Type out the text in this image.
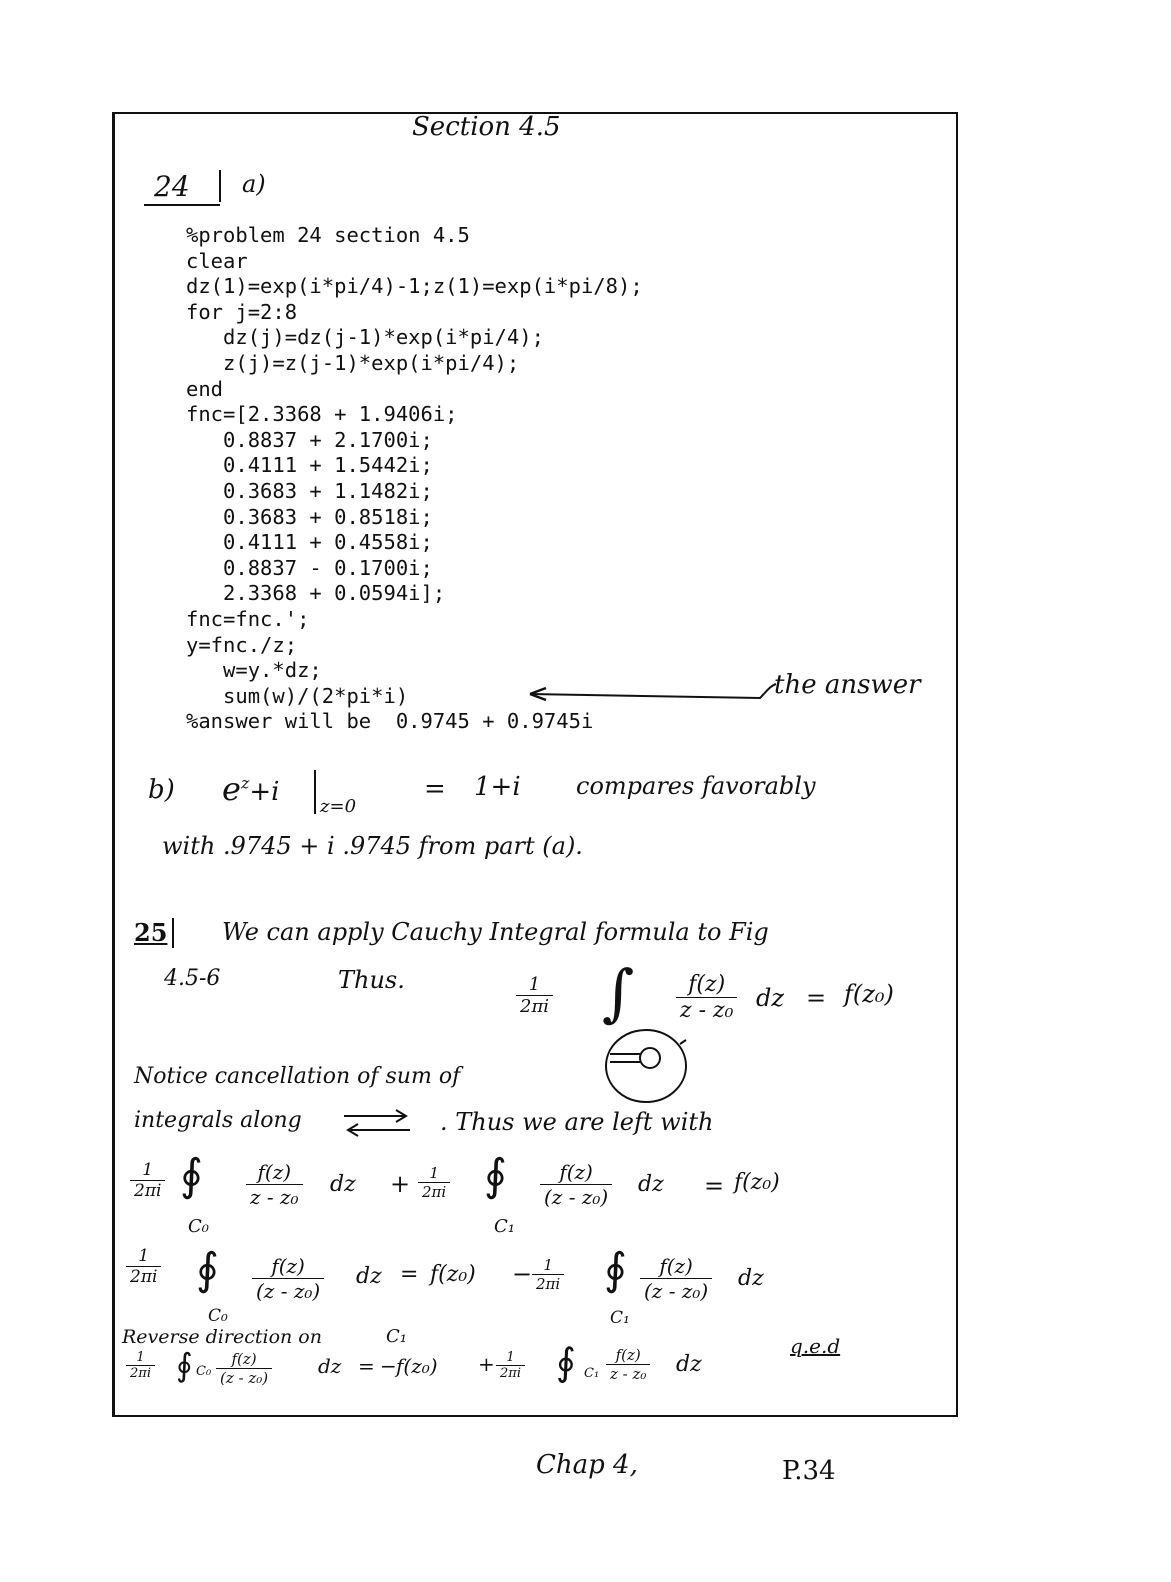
Section 4.5
24 a)
%problem 24 section 4.5
clear
dz(1)=exp(i*pi/4)-1;z(1)=exp(i*pi/8);
for j=2:8
dz(j)=dz(j-1)*exp(i*pi/4);
z(j)=z(j-1)*exp(i*pi/4);
end
fnc=[2.3368 + 1.9406i;
0.8837 + 2.1700i;
0.4111 + 1.5442i;
0.3683 + 1.1482i;
0.3683 + 0.8518i;
0.4111 + 0.4558i;
0.8837 - 0.1700i;
2.3368 + 0.0594i];
fnc=fnc.';
y=fnc./z;
w=y.*dz;
sum(w)/(2*pi*i)
%answer will be  0.9745 + 0.9745i
the answer
b) $e^z+i$ z=0
= 1+i compares favorably
with .9745 + i .9745 from part (a).
25 We can apply Cauchy Integral formula to Fig
4.5-6	Thus.	$\frac{1}{2\pi i}$ ∫ $\frac{f(z)}{\text{z - z₀}}$ dz = f(z₀)
Notice cancellation of sum of
integrals along	. Thus we are left with
$\frac{1}{2\pi i}$ ∮
C₀
$\frac{f(z)}{\text{z - z₀}}$ dz + $\frac{1}{2\pi i}$ ∮
C₁
$\frac{f(z)}{\text{(z - z₀)}}$ dz = f(z₀)
$\frac{1}{2\pi i}$ ∮
C₀
$\frac{f(z)}{\text{(z - z₀)}}$ dz = $f(z_0) - \frac{1}{2\pi i}$ ∮
C₁
$\frac{f(z)}{\text{(z - z₀)}}$ dz
Reverse direction on	C₁
$\frac{1}{2\pi i}$ ∮ $C_0 \frac{f(z)}{\text{(z - z₀)}}$ dz = − $f(z_0) + \frac{1}{2\pi i}$ ∮ $C_1 \frac{f(z)}{\text{z - z₀}}$ dz
q.e.d
Chap 4,	P.34
